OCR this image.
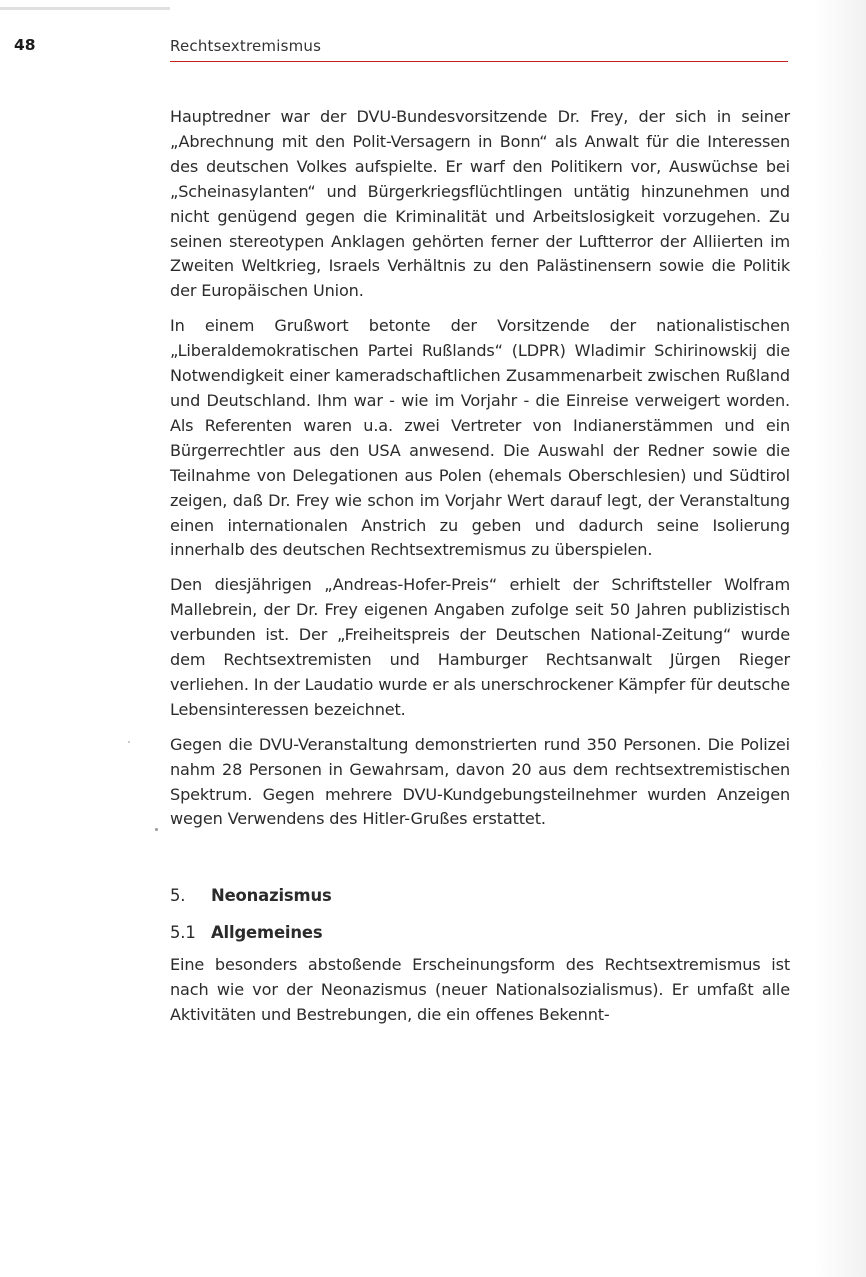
48	Rechtsextremismus

Hauptredner war der DVU-Bundesvorsitzende Dr. Frey, der sich in seiner „Abrechnung mit den Polit-Versagern in Bonn“ als Anwalt für die Interessen des deutschen Volkes aufspielte. Er warf den Politikern vor, Auswüchse bei „Scheinasylanten“ und Bürgerkriegsflüchtlingen untätig hinzunehmen und nicht genügend gegen die Kriminalität und Arbeitslosigkeit vorzugehen. Zu seinen stereotypen Anklagen gehörten ferner der Luftterror der Alliierten im Zweiten Weltkrieg, Israels Verhältnis zu den Palästinensern sowie die Politik der Europäischen Union.

In einem Grußwort betonte der Vorsitzende der nationalistischen „Liberaldemokratischen Partei Rußlands“ (LDPR) Wladimir Schirinowskij die Notwendigkeit einer kameradschaftlichen Zusammenarbeit zwischen Rußland und Deutschland. Ihm war - wie im Vorjahr - die Einreise verweigert worden. Als Referenten waren u.a. zwei Vertreter von Indianerstämmen und ein Bürgerrechtler aus den USA anwesend. Die Auswahl der Redner sowie die Teilnahme von Delegationen aus Polen (ehemals Oberschlesien) und Südtirol zeigen, daß Dr. Frey wie schon im Vorjahr Wert darauf legt, der Veranstaltung einen internationalen Anstrich zu geben und dadurch seine Isolierung innerhalb des deutschen Rechtsextremismus zu überspielen.

Den diesjährigen „Andreas-Hofer-Preis“ erhielt der Schriftsteller Wolfram Mallebrein, der Dr. Frey eigenen Angaben zufolge seit 50 Jahren publizistisch verbunden ist. Der „Freiheitspreis der Deutschen National-Zeitung“ wurde dem Rechtsextremisten und Hamburger Rechtsanwalt Jürgen Rieger verliehen. In der Laudatio wurde er als unerschrockener Kämpfer für deutsche Lebensinteressen bezeichnet.

Gegen die DVU-Veranstaltung demonstrierten rund 350 Personen. Die Polizei nahm 28 Personen in Gewahrsam, davon 20 aus dem rechtsextremistischen Spektrum. Gegen mehrere DVU-Kundgebungsteilnehmer wurden Anzeigen wegen Verwendens des Hitler-Grußes erstattet.

5. Neonazismus
5.1 Allgemeines

Eine besonders abstoßende Erscheinungsform des Rechtsextremismus ist nach wie vor der Neonazismus (neuer Nationalsozialismus). Er umfaßt alle Aktivitäten und Bestrebungen, die ein offenes Bekennt-
